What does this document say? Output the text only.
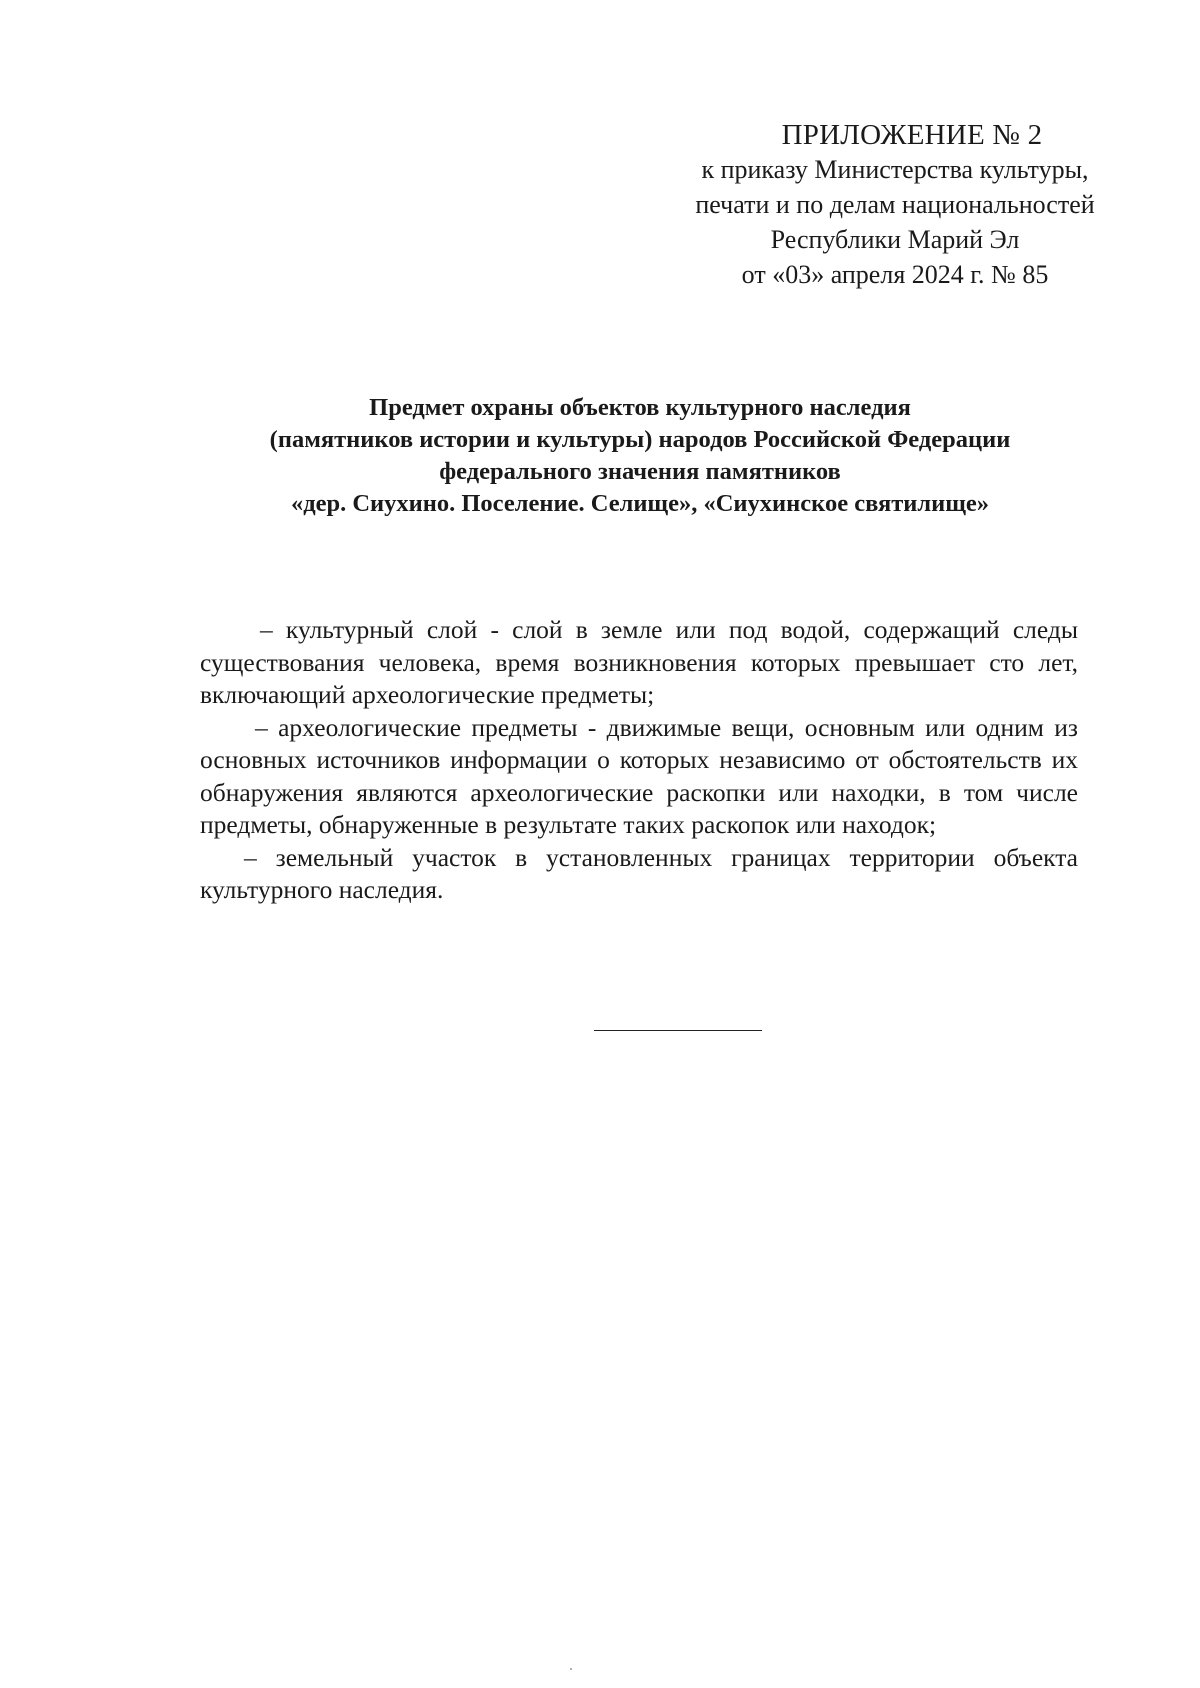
ПРИЛОЖЕНИЕ № 2
к приказу Министерства культуры,
печати и по делам национальностей
Республики Марий Эл
от «03» апреля 2024 г. № 85
Предмет охраны объектов культурного наследия
(памятников истории и культуры) народов Российской Федерации
федерального значения памятников
«дер. Сиухино. Поселение. Селище», «Сиухинское святилище»

– культурный слой - слой в земле или под водой, содержащий следы существования человека, время возникновения которых превышает сто лет, включающий археологические предметы;

– археологические предметы - движимые вещи, основным или одним из основных источников информации о которых независимо от обстоятельств их обнаружения являются археологические раскопки или находки, в том числе предметы, обнаруженные в результате таких раскопок или находок;

– земельный участок в установленных границах территории объекта культурного наследия.
